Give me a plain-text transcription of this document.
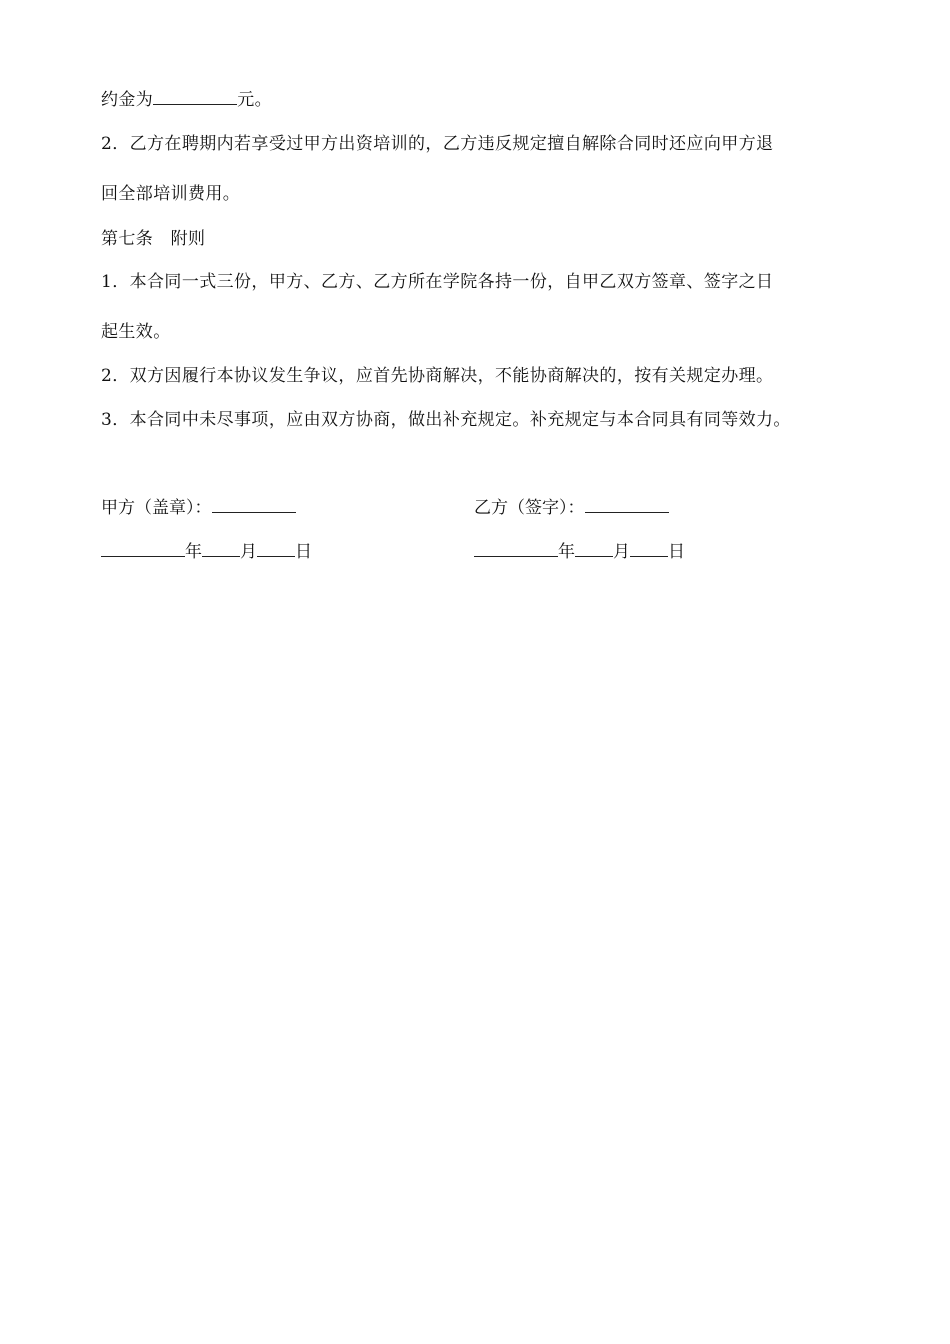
约金为	元。
2．乙方在聘期内若享受过甲方出资培训的，乙方违反规定擅自解除合同时还应向甲方退
回全部培训费用。
第七条　附则
1．本合同一式三份，甲方、乙方、乙方所在学院各持一份，自甲乙双方签章、签字之日
起生效。
2．双方因履行本协议发生争议，应首先协商解决，不能协商解决的，按有关规定办理。
3．本合同中未尽事项，应由双方协商，做出补充规定。补充规定与本合同具有同等效力。
甲方（盖章）：
年 月 日
乙方（签字）：
年 月 日
